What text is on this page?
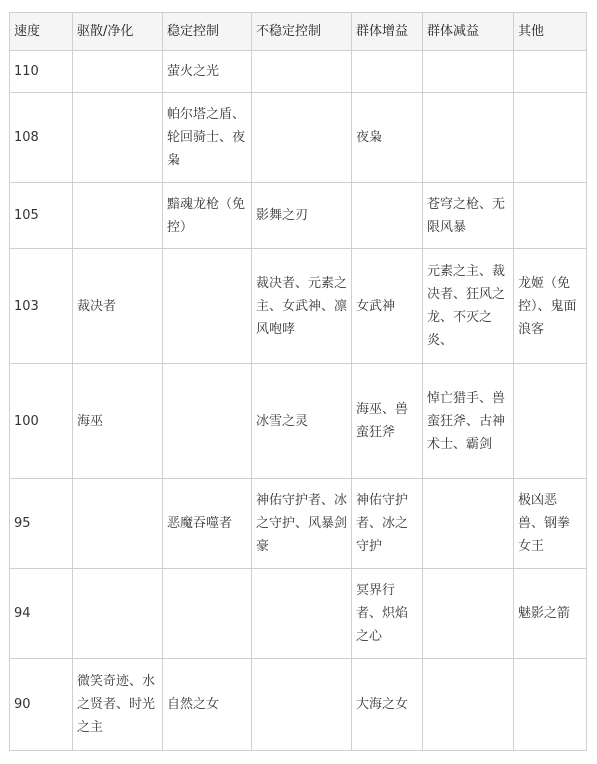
速度	驱散/净化	稳定控制	不稳定控制	群体增益	群体减益	其他
110		萤火之光				
108		帕尔塔之盾、轮回骑士、夜枭		夜枭		
105		黯魂龙枪（免控）	影舞之刃		苍穹之枪、无限风暴	
103	裁决者		裁决者、元素之主、女武神、凛风咆哮	女武神	元素之主、裁决者、狂风之龙、不灭之炎、	龙姬（免控）、鬼面浪客
100	海巫		冰雪之灵	海巫、兽蛮狂斧	悼亡猎手、兽蛮狂斧、古神术士、霸剑	
95		恶魔吞噬者	神佑守护者、冰之守护、风暴剑豪	神佑守护者、冰之守护		极凶恶兽、钢拳女王
94				冥界行者、炽焰之心		魅影之箭
90	微笑奇迹、水之贤者、时光之主	自然之女		大海之女		
